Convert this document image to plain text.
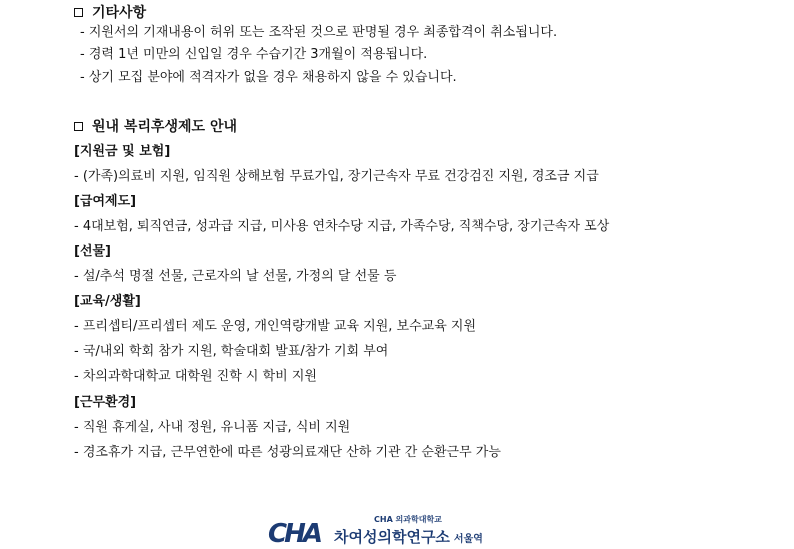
기타사항
- 지원서의 기재내용이 허위 또는 조작된 것으로 판명될 경우 최종합격이 취소됩니다.
- 경력 1년 미만의 신입일 경우 수습기간 3개월이 적용됩니다.
- 상기 모집 분야에 적격자가 없을 경우 채용하지 않을 수 있습니다.
원내 복리후생제도 안내
[지원금 및 보험]
- (가족)의료비 지원, 임직원 상해보험 무료가입, 장기근속자 무료 건강검진 지원, 경조금 지급
[급여제도]
- 4대보험, 퇴직연금, 성과급 지급, 미사용 연차수당 지급, 가족수당, 직책수당, 장기근속자 포상
[선물]
- 설/추석 명절 선물, 근로자의 날 선물, 가정의 달 선물 등
[교육/생활]
- 프리셉티/프리셉터 제도 운영, 개인역량개발 교육 지원, 보수교육 지원
- 국/내외 학회 참가 지원, 학술대회 발표/참가 기회 부여
- 차의과학대학교 대학원 진학 시 학비 지원
[근무환경]
- 직원 휴게실, 사내 정원, 유니폼 지급, 식비 지원
- 경조휴가 지급, 근무연한에 따른 성광의료재단 산하 기관 간 순환근무 가능
CHA	CHA 의과학대학교
차여성의학연구소 서울역
